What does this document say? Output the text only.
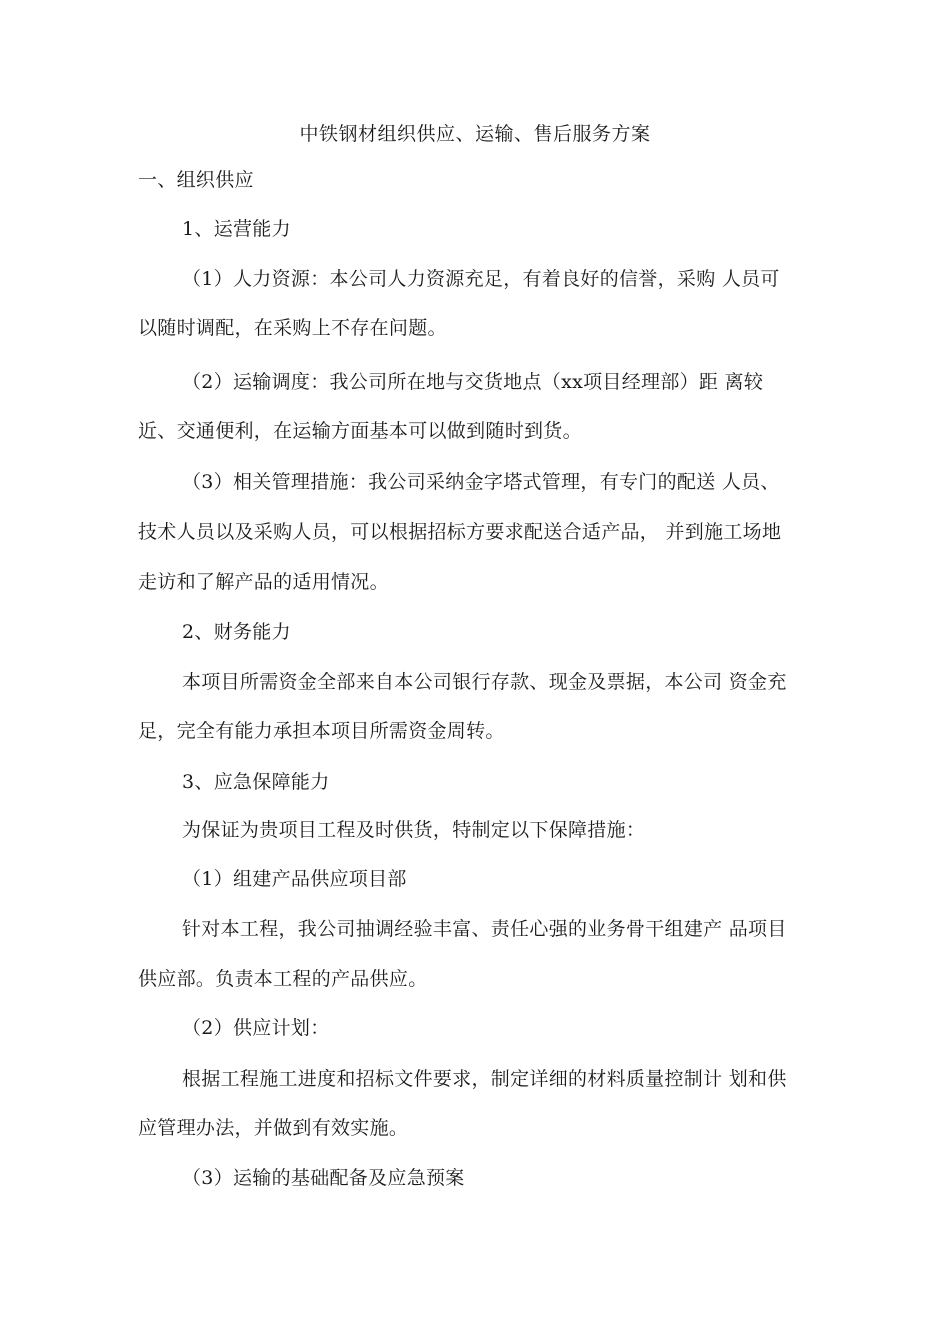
中铁钢材组织供应、运输、售后服务方案
一、组织供应
1、运营能力
（1）人力资源：本公司人力资源充足，有着良好的信誉，采购 人员可
以随时调配，在采购上不存在问题。
（2）运输调度：我公司所在地与交货地点（xx项目经理部）距 离较
近、交通便利，在运输方面基本可以做到随时到货。
（3）相关管理措施：我公司采纳金字塔式管理，有专门的配送 人员、
技术人员以及采购人员，可以根据招标方要求配送合适产品， 并到施工场地
走访和了解产品的适用情况。
2、财务能力
本项目所需资金全部来自本公司银行存款、现金及票据，本公司 资金充
足，完全有能力承担本项目所需资金周转。
3、应急保障能力
为保证为贵项目工程及时供货，特制定以下保障措施：
（1）组建产品供应项目部
针对本工程，我公司抽调经验丰富、责任心强的业务骨干组建产 品项目
供应部。负责本工程的产品供应。
（2）供应计划：
根据工程施工进度和招标文件要求，制定详细的材料质量控制计 划和供
应管理办法，并做到有效实施。
（3）运输的基础配备及应急预案
